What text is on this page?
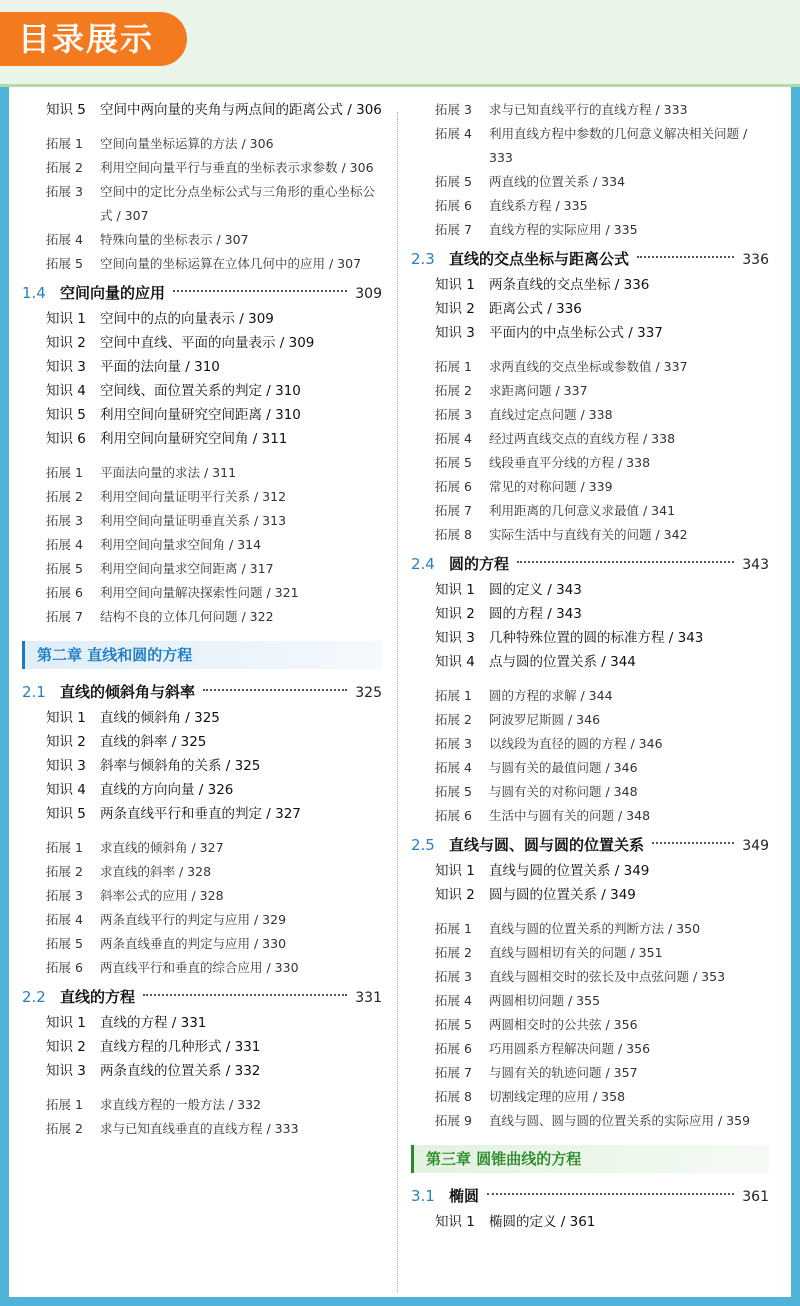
目录展示
知识 5	空间中两向量的夹角与两点间的距离公式 / 306
拓展 1	空间向量坐标运算的方法 / 306
拓展 2	利用空间向量平行与垂直的坐标表示求参数 / 306
拓展 3	空间中的定比分点坐标公式与三角形的重心坐标公式 / 307
拓展 4	特殊向量的坐标表示 / 307
拓展 5	空间向量的坐标运算在立体几何中的应用 / 307
1.4 空间向量的应用	309
知识 1	空间中的点的向量表示 / 309
知识 2	空间中直线、平面的向量表示 / 309
知识 3	平面的法向量 / 310
知识 4	空间线、面位置关系的判定 / 310
知识 5	利用空间向量研究空间距离 / 310
知识 6	利用空间向量研究空间角 / 311
拓展 1	平面法向量的求法 / 311
拓展 2	利用空间向量证明平行关系 / 312
拓展 3	利用空间向量证明垂直关系 / 313
拓展 4	利用空间向量求空间角 / 314
拓展 5	利用空间向量求空间距离 / 317
拓展 6	利用空间向量解决探索性问题 / 321
拓展 7	结构不良的立体几何问题 / 322
第二章 直线和圆的方程
2.1 直线的倾斜角与斜率	325
知识 1	直线的倾斜角 / 325
知识 2	直线的斜率 / 325
知识 3	斜率与倾斜角的关系 / 325
知识 4	直线的方向向量 / 326
知识 5	两条直线平行和垂直的判定 / 327
拓展 1	求直线的倾斜角 / 327
拓展 2	求直线的斜率 / 328
拓展 3	斜率公式的应用 / 328
拓展 4	两条直线平行的判定与应用 / 329
拓展 5	两条直线垂直的判定与应用 / 330
拓展 6	两直线平行和垂直的综合应用 / 330
2.2 直线的方程	331
知识 1	直线的方程 / 331
知识 2	直线方程的几种形式 / 331
知识 3	两条直线的位置关系 / 332
拓展 1	求直线方程的一般方法 / 332
拓展 2	求与已知直线垂直的直线方程 / 333
拓展 3	求与已知直线平行的直线方程 / 333
拓展 4	利用直线方程中参数的几何意义解决相关问题 / 333
拓展 5	两直线的位置关系 / 334
拓展 6	直线系方程 / 335
拓展 7	直线方程的实际应用 / 335
2.3 直线的交点坐标与距离公式	336
知识 1	两条直线的交点坐标 / 336
知识 2	距离公式 / 336
知识 3	平面内的中点坐标公式 / 337
拓展 1	求两直线的交点坐标或参数值 / 337
拓展 2	求距离问题 / 337
拓展 3	直线过定点问题 / 338
拓展 4	经过两直线交点的直线方程 / 338
拓展 5	线段垂直平分线的方程 / 338
拓展 6	常见的对称问题 / 339
拓展 7	利用距离的几何意义求最值 / 341
拓展 8	实际生活中与直线有关的问题 / 342
2.4 圆的方程	343
知识 1	圆的定义 / 343
知识 2	圆的方程 / 343
知识 3	几种特殊位置的圆的标准方程 / 343
知识 4	点与圆的位置关系 / 344
拓展 1	圆的方程的求解 / 344
拓展 2	阿波罗尼斯圆 / 346
拓展 3	以线段为直径的圆的方程 / 346
拓展 4	与圆有关的最值问题 / 346
拓展 5	与圆有关的对称问题 / 348
拓展 6	生活中与圆有关的问题 / 348
2.5 直线与圆、圆与圆的位置关系	349
知识 1	直线与圆的位置关系 / 349
知识 2	圆与圆的位置关系 / 349
拓展 1	直线与圆的位置关系的判断方法 / 350
拓展 2	直线与圆相切有关的问题 / 351
拓展 3	直线与圆相交时的弦长及中点弦问题 / 353
拓展 4	两圆相切问题 / 355
拓展 5	两圆相交时的公共弦 / 356
拓展 6	巧用圆系方程解决问题 / 356
拓展 7	与圆有关的轨迹问题 / 357
拓展 8	切割线定理的应用 / 358
拓展 9	直线与圆、圆与圆的位置关系的实际应用 / 359
第三章 圆锥曲线的方程
3.1 椭圆	361
知识 1	椭圆的定义 / 361
